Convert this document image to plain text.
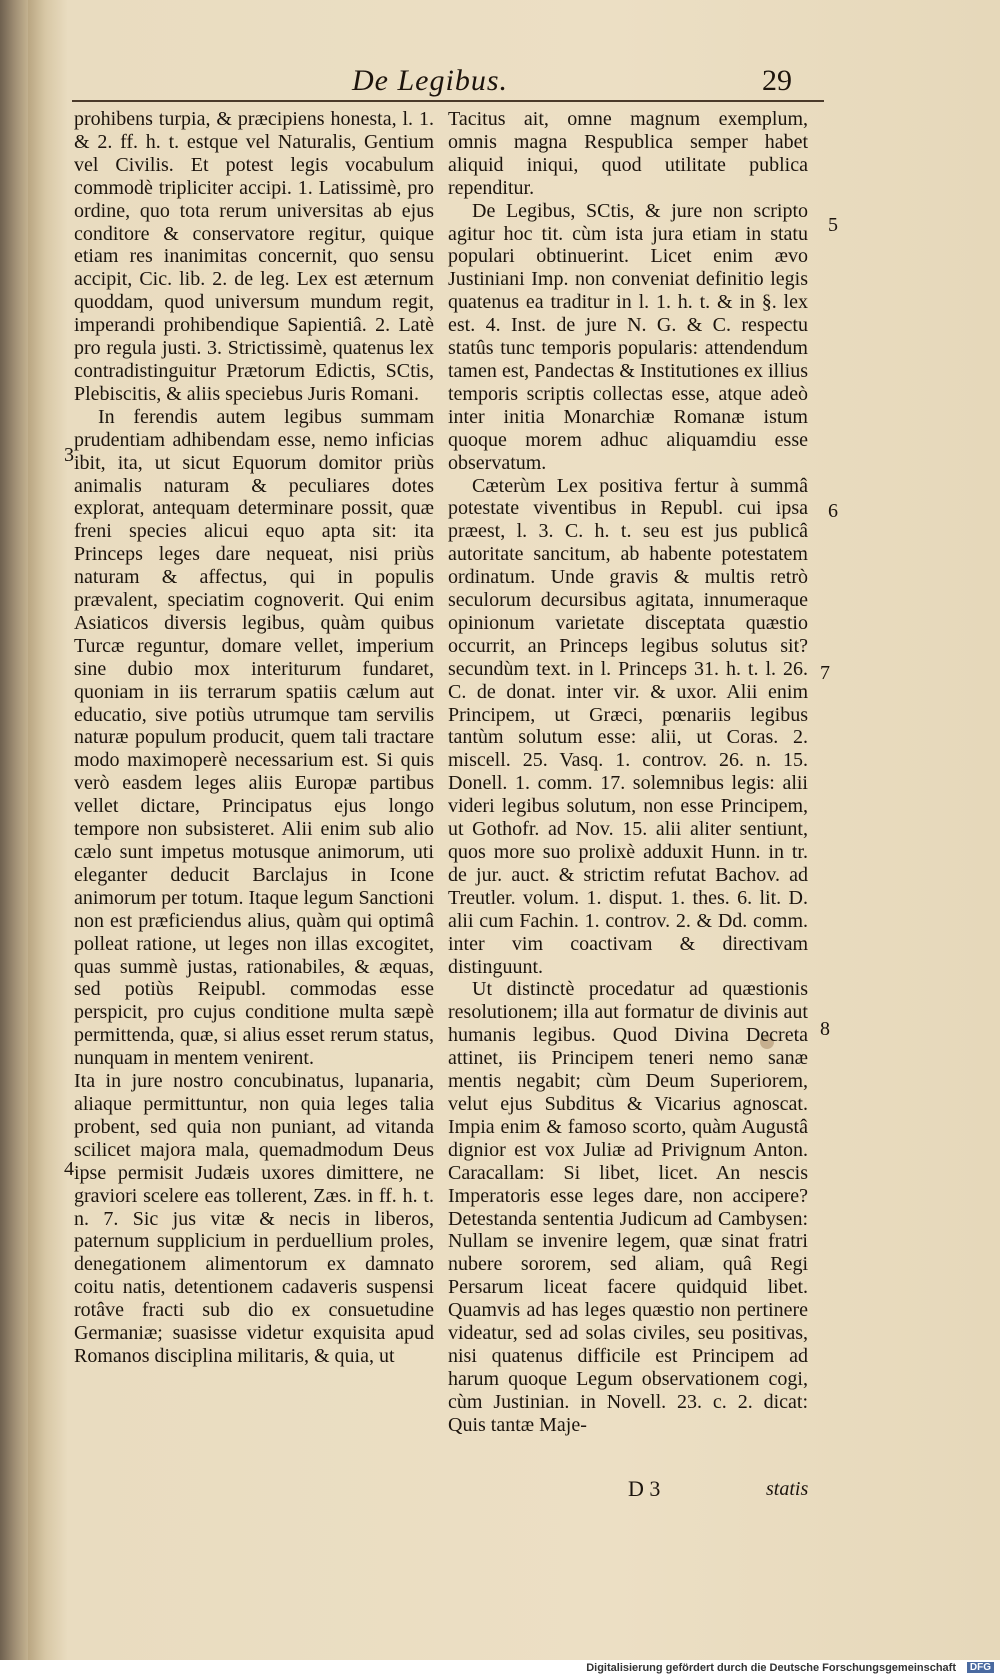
De Legibus.	29

prohibens turpia, & præcipiens honesta, l. 1. & 2. ff. h. t. estque vel Naturalis, Gentium vel Civilis. Et potest legis vocabulum commodè tripliciter accipi. 1. Latissimè, pro ordine, quo tota rerum universitas ab ejus conditore & conservatore regitur, quique etiam res inanimitas concernit, quo sensu accipit, Cic. lib. 2. de leg. Lex est æternum quoddam, quod universum mundum regit, imperandi prohibendique Sapientiâ. 2. Latè pro regula justi. 3. Strictissimè, quatenus lex contradistinguitur Prætorum Edictis, SCtis, Plebiscitis, & aliis speciebus Juris Romani.

In ferendis autem legibus summam prudentiam adhibendam esse, nemo inficias ibit, ita, ut sicut Equorum domitor priùs animalis naturam & peculiares dotes explorat, antequam determinare possit, quæ freni species alicui equo apta sit: ita Princeps leges dare nequeat, nisi priùs naturam & affectus, qui in populis prævalent, speciatim cognoverit. Qui enim Asiaticos diversis legibus, quàm quibus Turcæ reguntur, domare vellet, imperium sine dubio mox interiturum fundaret, quoniam in iis terrarum spatiis cælum aut educatio, sive potiùs utrumque tam servilis naturæ populum producit, quem tali tractare modo maximoperè necessarium est. Si quis verò easdem leges aliis Europæ partibus vellet dictare, Principatus ejus longo tempore non subsisteret. Alii enim sub alio cælo sunt impetus motusque animorum, uti eleganter deducit Barclajus in Icone animorum per totum. Itaque legum Sanctioni non est præficiendus alius, quàm qui optimâ polleat ratione, ut leges non illas excogitet, quas summè justas, rationabiles, & æquas, sed potiùs Reipubl. commodas esse perspicit, pro cujus conditione multa sæpè permittenda, quæ, si alius esset rerum status, nunquam in mentem venirent.

Ita in jure nostro concubinatus, lupanaria, aliaque permittuntur, non quia leges talia probent, sed quia non puniant, ad vitanda scilicet majora mala, quemadmodum Deus ipse permisit Judæis uxores dimittere, ne graviori scelere eas tollerent, Zæs. in ff. h. t. n. 7. Sic jus vitæ & necis in liberos, paternum supplicium in perduellium proles, denegationem alimentorum ex damnato coitu natis, detentionem cadaveris suspensi rotâve fracti sub dio ex consuetudine Germaniæ; suasisse videtur exquisita apud Romanos disciplina militaris, & quia, ut

Tacitus ait, omne magnum exemplum, omnis magna Respublica semper habet aliquid iniqui, quod utilitate publica rependitur.

De Legibus, SCtis, & jure non scripto agitur hoc tit. cùm ista jura etiam in statu populari obtinuerint. Licet enim ævo Justiniani Imp. non conveniat definitio legis quatenus ea traditur in l. 1. h. t. & in §. lex est. 4. Inst. de jure N. G. & C. respectu statûs tunc temporis popularis: attendendum tamen est, Pandectas & Institutiones ex illius temporis scriptis collectas esse, atque adeò inter initia Monarchiæ Romanæ istum quoque morem adhuc aliquamdiu esse observatum.

Cæterùm Lex positiva fertur à summâ potestate viventibus in Republ. cui ipsa præest, l. 3. C. h. t. seu est jus publicâ autoritate sancitum, ab habente potestatem ordinatum. Unde gravis & multis retrò seculorum decursibus agitata, innumeraque opinionum varietate disceptata quæstio occurrit, an Princeps legibus solutus sit? secundùm text. in l. Princeps 31. h. t. l. 26. C. de donat. inter vir. & uxor. Alii enim Principem, ut Græci, pœnariis legibus tantùm solutum esse: alii, ut Coras. 2. miscell. 25. Vasq. 1. controv. 26. n. 15. Donell. 1. comm. 17. solemnibus legis: alii videri legibus solutum, non esse Principem, ut Gothofr. ad Nov. 15. alii aliter sentiunt, quos more suo prolixè adduxit Hunn. in tr. de jur. auct. & strictim refutat Bachov. ad Treutler. volum. 1. disput. 1. thes. 6. lit. D. alii cum Fachin. 1. controv. 2. & Dd. comm. inter vim coactivam & directivam distinguunt.

Ut distinctè procedatur ad quæstionis resolutionem; illa aut formatur de divinis aut humanis legibus. Quod Divina Decreta attinet, iis Principem teneri nemo sanæ mentis negabit; cùm Deum Superiorem, velut ejus Subditus & Vicarius agnoscat. Impia enim & famoso scorto, quàm Augustâ dignior est vox Juliæ ad Privignum Anton. Caracallam: Si libet, licet. An nescis Imperatoris esse leges dare, non accipere? Detestanda sententia Judicum ad Cambysen: Nullam se invenire legem, quæ sinat fratri nubere sororem, sed aliam, quâ Regi Persarum liceat facere quidquid libet. Quamvis ad has leges quæstio non pertinere videatur, sed ad solas civiles, seu positivas, nisi quatenus difficile est Principem ad harum quoque Legum observationem cogi, cùm Justinian. in Novell. 23. c. 2. dicat: Quis tantæ Maje-

3
4
5
6
7
8
D 3	statis
Digitalisierung gefördert durch die Deutsche Forschungsgemeinschaft	DFG
